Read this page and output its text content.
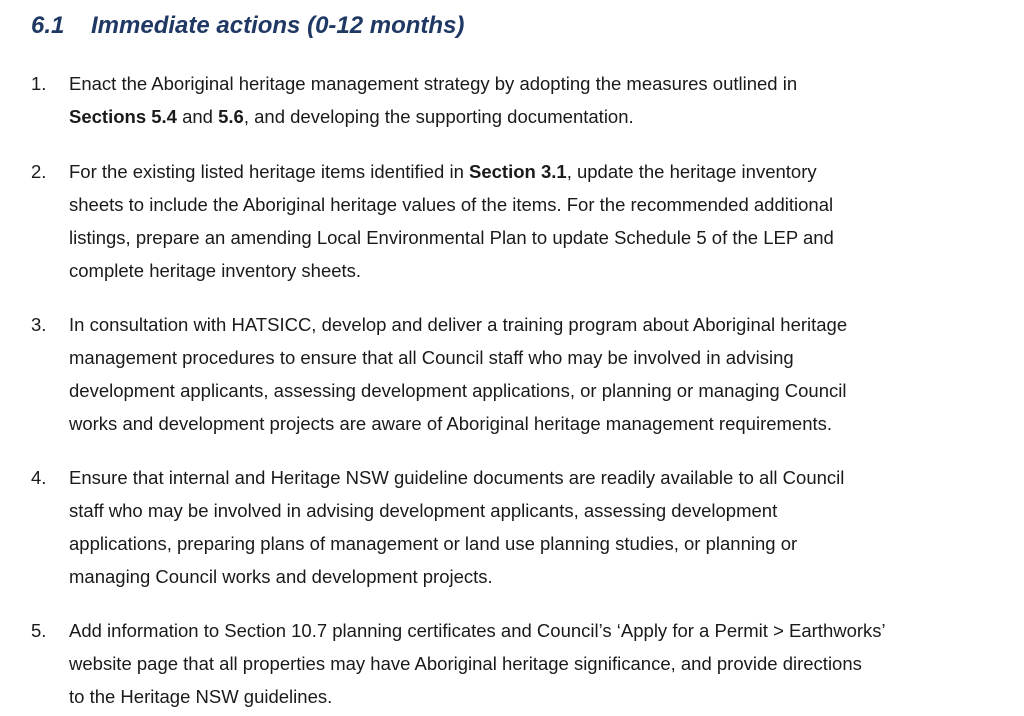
6.1 Immediate actions (0-12 months)
1. Enact the Aboriginal heritage management strategy by adopting the measures outlined in
Sections 5.4 and 5.6, and developing the supporting documentation.

2. For the existing listed heritage items identified in Section 3.1, update the heritage inventory
sheets to include the Aboriginal heritage values of the items. For the recommended additional
listings, prepare an amending Local Environmental Plan to update Schedule 5 of the LEP and
complete heritage inventory sheets.

3. In consultation with HATSICC, develop and deliver a training program about Aboriginal heritage
management procedures to ensure that all Council staff who may be involved in advising
development applicants, assessing development applications, or planning or managing Council
works and development projects are aware of Aboriginal heritage management requirements.

4. Ensure that internal and Heritage NSW guideline documents are readily available to all Council
staff who may be involved in advising development applicants, assessing development
applications, preparing plans of management or land use planning studies, or planning or
managing Council works and development projects.

5. Add information to Section 10.7 planning certificates and Council’s ‘Apply for a Permit > Earthworks’
website page that all properties may have Aboriginal heritage significance, and provide directions
to the Heritage NSW guidelines.
